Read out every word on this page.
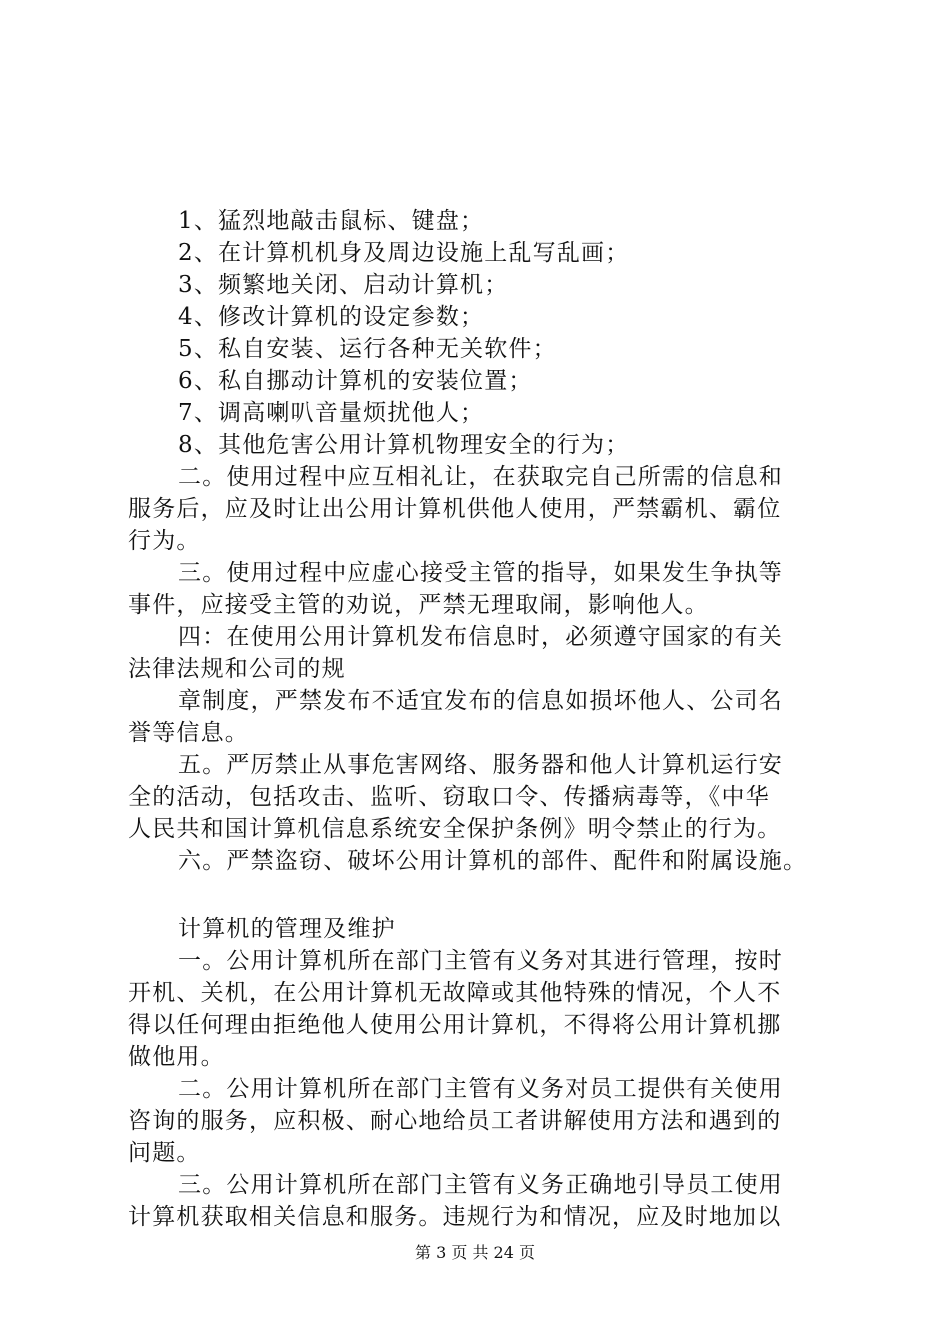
1、猛烈地敲击鼠标、键盘；
2、在计算机机身及周边设施上乱写乱画；
3、频繁地关闭、启动计算机；
4、修改计算机的设定参数；
5、私自安装、运行各种无关软件；
6、私自挪动计算机的安装位置；
7、调高喇叭音量烦扰他人；
8、其他危害公用计算机物理安全的行为；
二。使用过程中应互相礼让，在获取完自己所需的信息和
服务后，应及时让出公用计算机供他人使用，严禁霸机、霸位
行为。
三。使用过程中应虚心接受主管的指导，如果发生争执等
事件，应接受主管的劝说，严禁无理取闹，影响他人。
四：在使用公用计算机发布信息时，必须遵守国家的有关
法律法规和公司的规
章制度，严禁发布不适宜发布的信息如损坏他人、公司名
誉等信息。
五。严厉禁止从事危害网络、服务器和他人计算机运行安
全的活动，包括攻击、监听、窃取口令、传播病毒等，《中华
人民共和国计算机信息系统安全保护条例》明令禁止的行为。
六。严禁盗窃、破坏公用计算机的部件、配件和附属设施。
计算机的管理及维护
一。公用计算机所在部门主管有义务对其进行管理，按时
开机、关机，在公用计算机无故障或其他特殊的情况，个人不
得以任何理由拒绝他人使用公用计算机，不得将公用计算机挪
做他用。
二。公用计算机所在部门主管有义务对员工提供有关使用
咨询的服务，应积极、耐心地给员工者讲解使用方法和遇到的
问题。
三。公用计算机所在部门主管有义务正确地引导员工使用
计算机获取相关信息和服务。违规行为和情况，应及时地加以
第 3 页 共 24 页
